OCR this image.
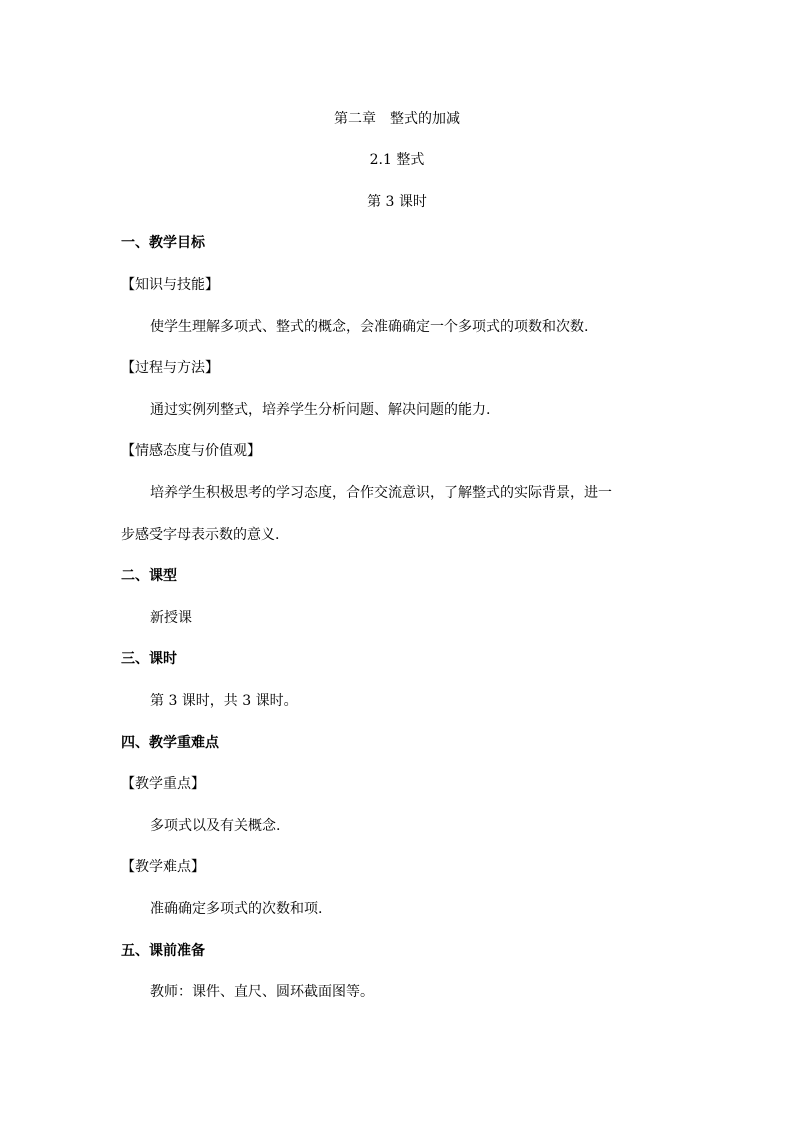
第二章　整式的加减
2.1 整式
第 3 课时
一、教学目标
【知识与技能】
使学生理解多项式、整式的概念，会准确确定一个多项式的项数和次数.
【过程与方法】
通过实例列整式，培养学生分析问题、解决问题的能力.
【情感态度与价值观】
培养学生积极思考的学习态度，合作交流意识，了解整式的实际背景，进一
步感受字母表示数的意义.
二、课型
新授课
三、课时
第 3 课时，共 3 课时。
四、教学重难点
【教学重点】
多项式以及有关概念.
【教学难点】
准确确定多项式的次数和项.
五、课前准备
教师：课件、直尺、圆环截面图等。
